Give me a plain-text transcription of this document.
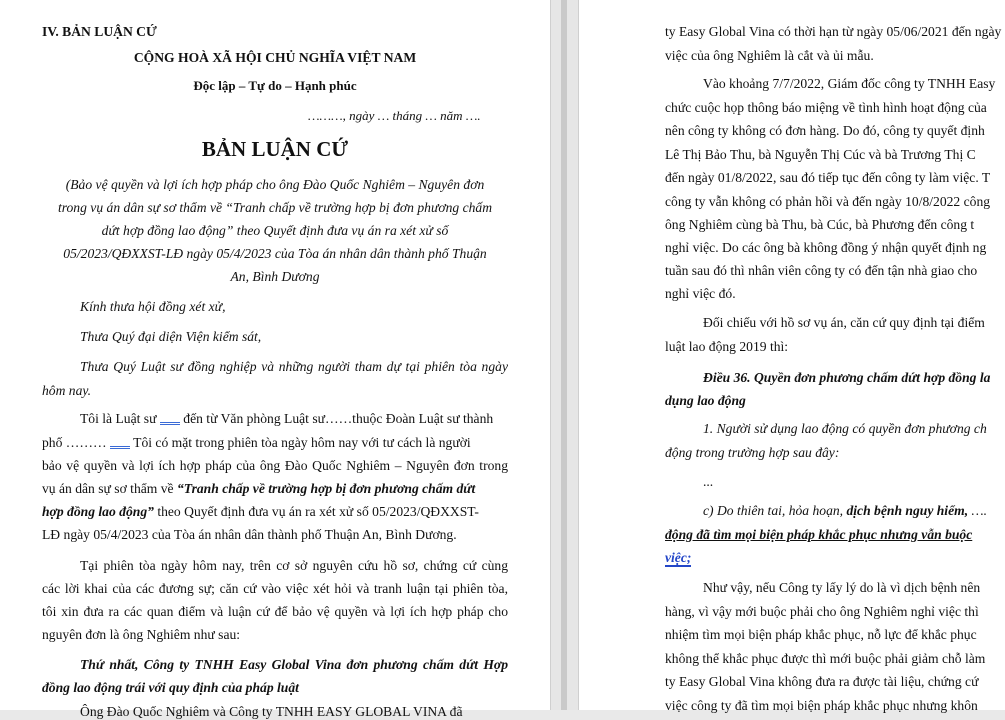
IV. BẢN LUẬN CỨ
CỘNG HOÀ XÃ HỘI CHỦ NGHĨA VIỆT NAM
Độc lập – Tự do – Hạnh phúc
………, ngày … tháng … năm ….
BẢN LUẬN CỨ
(Bảo vệ quyền và lợi ích hợp pháp cho ông Đào Quốc Nghiêm – Nguyên đơn
trong vụ án dân sự sơ thẩm về “Tranh chấp về trường hợp bị đơn phương chấm
dứt hợp đồng lao động” theo Quyết định đưa vụ án ra xét xử số
05/2023/QĐXXST-LĐ ngày 05/4/2023 của Tòa án nhân dân thành phố Thuận
An, Bình Dương
Kính thưa hội đồng xét xử,
Thưa Quý đại diện Viện kiểm sát,
Thưa Quý Luật sư đồng nghiệp và những người tham dự tại phiên tòa ngày
hôm nay.
Tôi là Luật sư đến từ Văn phòng Luật sư……thuộc Đoàn Luật sư thành
phố ……… Tôi có mặt trong phiên tòa ngày hôm nay với tư cách là người
bảo vệ quyền và lợi ích hợp pháp của ông Đào Quốc Nghiêm – Nguyên đơn trong
vụ án dân sự sơ thẩm về “Tranh chấp về trường hợp bị đơn phương chấm dứt
hợp đồng lao động” theo Quyết định đưa vụ án ra xét xử số 05/2023/QĐXXST-
LĐ ngày 05/4/2023 của Tòa án nhân dân thành phố Thuận An, Bình Dương.
Tại phiên tòa ngày hôm nay, trên cơ sở nguyên cứu hồ sơ, chứng cứ cùng
các lời khai của các đương sự; căn cứ vào việc xét hỏi và tranh luận tại phiên tòa,
tôi xin đưa ra các quan điểm và luận cứ để bảo vệ quyền và lợi ích hợp pháp cho
nguyên đơn là ông Nghiêm như sau:
Thứ nhất, Công ty TNHH Easy Global Vina đơn phương chấm dứt Hợp
đồng lao động trái với quy định của pháp luật
Ông Đào Quốc Nghiêm và Công ty TNHH EASY GLOBAL VINA đã
ty Easy Global Vina có thời hạn từ ngày 05/06/2021 đến ngày
việc của ông Nghiêm là cắt và ủi mẫu.
Vào khoảng 7/7/2022, Giám đốc công ty TNHH Easy
chức cuộc họp thông báo miệng về tình hình hoạt động của
nên công ty không có đơn hàng. Do đó, công ty quyết định
Lê Thị Bảo Thu, bà Nguyễn Thị Cúc và bà Trương Thị C
đến ngày 01/8/2022, sau đó tiếp tục đến công ty làm việc. T
công ty vẫn không có phản hồi và đến ngày 10/8/2022 công
ông Nghiêm cùng bà Thu, bà Cúc, bà Phương đến công t
nghỉ việc. Do các ông bà không đồng ý nhận quyết định ng
tuần sau đó thì nhân viên công ty có đến tận nhà giao cho
nghỉ việc đó.
Đối chiếu với hồ sơ vụ án, căn cứ quy định tại điểm
luật lao động 2019 thì:
Điều 36. Quyền đơn phương chấm dứt hợp đồng la
dụng lao động
1. Người sử dụng lao động có quyền đơn phương ch
động trong trường hợp sau đây:
...
c) Do thiên tai, hỏa hoạn, dịch bệnh nguy hiểm, ….
động đã tìm mọi biện pháp khắc phục nhưng vẫn buộc
việc;
Như vậy, nếu Công ty lấy lý do là vì dịch bệnh nên
hàng, vì vậy mới buộc phải cho ông Nghiêm nghỉ việc thì
nhiệm tìm mọi biện pháp khắc phục, nỗ lực để khắc phục
không thể khắc phục được thì mới buộc phải giảm chỗ làm
ty Easy Global Vina không đưa ra được tài liệu, chứng cứ
việc công ty đã tìm mọi biện pháp khắc phục nhưng khôn
